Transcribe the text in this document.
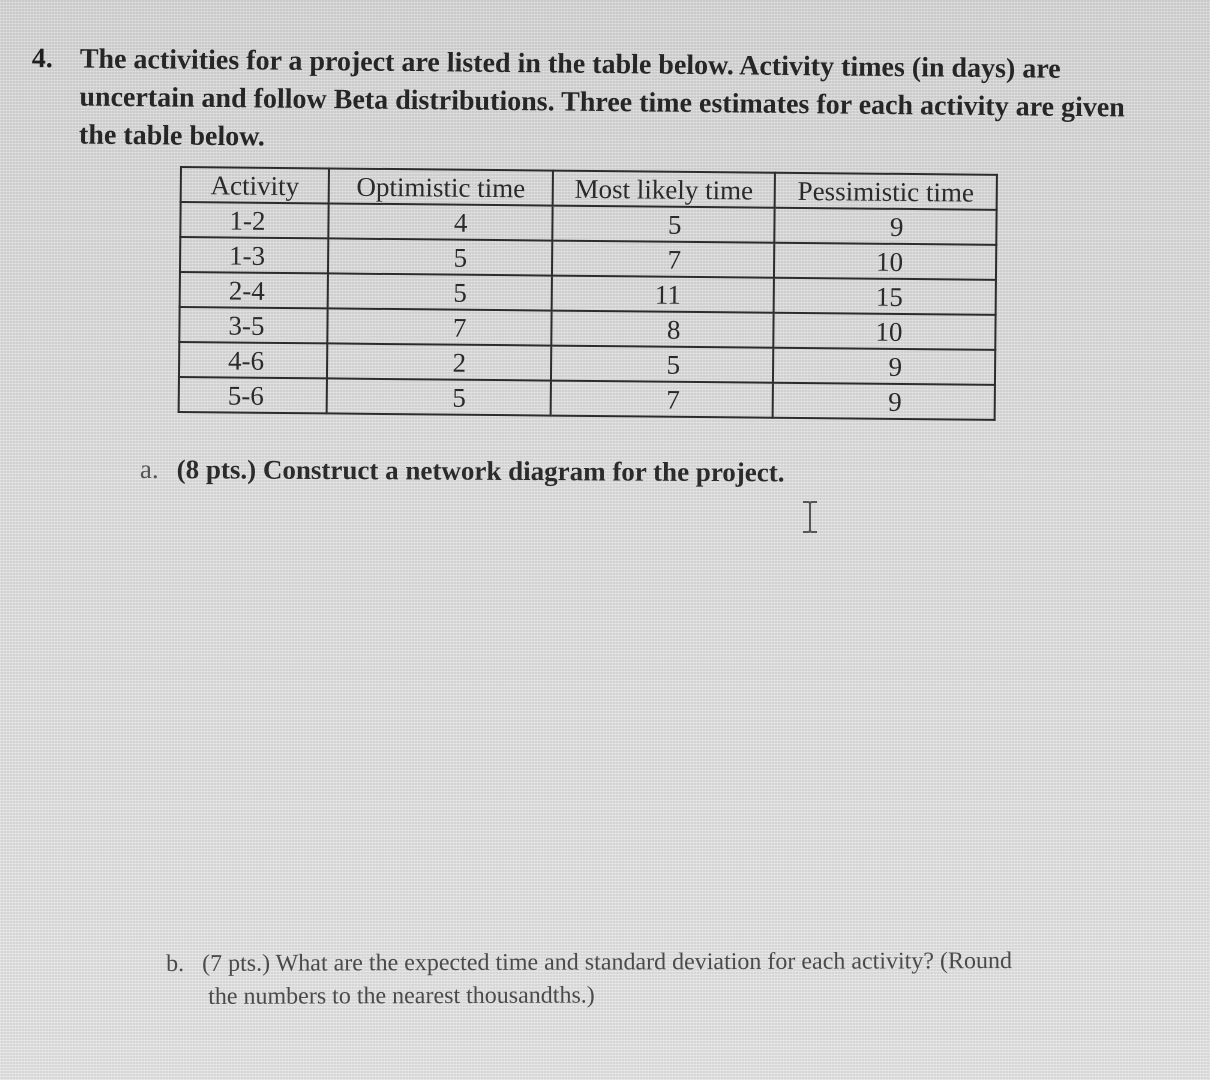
4. The activities for a project are listed in the table below. Activity times (in days) are uncertain and follow Beta distributions. Three time estimates for each activity are given the table below.
Activity	Optimistic time	Most likely time	Pessimistic time
1-2	4	5	9
1-3	5	7	10
2-4	5	11	15
3-5	7	8	10
4-6	2	5	9
5-6	5	7	9
a. (8 pts.) Construct a network diagram for the project.
b. (7 pts.) What are the expected time and standard deviation for each activity? (Round
the numbers to the nearest thousandths.)
